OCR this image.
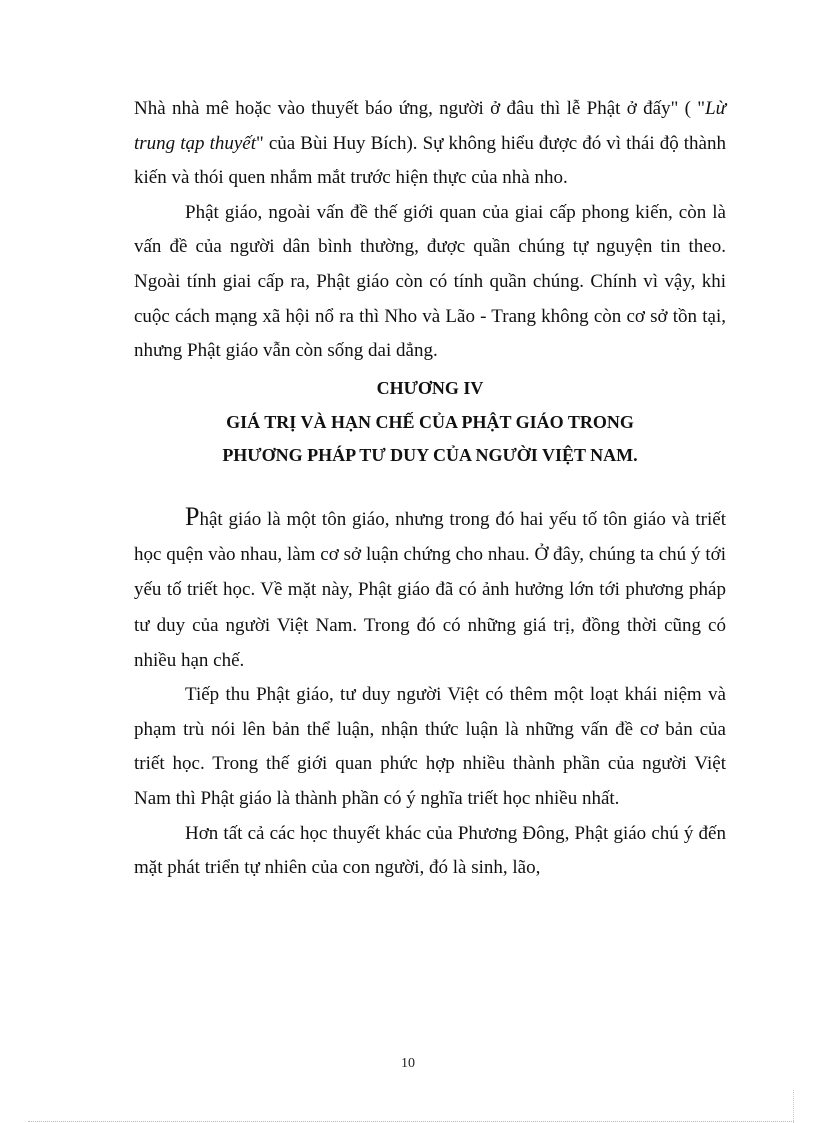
Nhà nhà mê hoặc vào thuyết báo ứng, người ở đâu thì lễ Phật ở đấy" ( "Lừ trung tạp thuyết" của Bùi Huy Bích). Sự không hiểu được đó vì thái độ thành kiến và thói quen nhắm mắt trước hiện thực của nhà nho.

Phật giáo, ngoài vấn đề thế giới quan của giai cấp phong kiến, còn là vấn đề của người dân bình thường, được quần chúng tự nguyện tin theo. Ngoài tính giai cấp ra, Phật giáo còn có tính quần chúng. Chính vì vậy, khi cuộc cách mạng xã hội nổ ra thì Nho và Lão - Trang không còn cơ sở tồn tại, nhưng Phật giáo vẫn còn sống dai dẳng.

CHƯƠNG IV
GIÁ TRỊ VÀ HẠN CHẾ CỦA PHẬT GIÁO TRONG
PHƯƠNG PHÁP TƯ DUY CỦA NGƯỜI VIỆT NAM.

Phật giáo là một tôn giáo, nhưng trong đó hai yếu tố tôn giáo và triết học quện vào nhau, làm cơ sở luận chứng cho nhau. Ở đây, chúng ta chú ý tới yếu tố triết học. Về mặt này, Phật giáo đã có ảnh hưởng lớn tới phương pháp tư duy của người Việt Nam. Trong đó có những giá trị, đồng thời cũng có nhiều hạn chế.

Tiếp thu Phật giáo, tư duy người Việt có thêm một loạt khái niệm và phạm trù nói lên bản thể luận, nhận thức luận là những vấn đề cơ bản của triết học. Trong thế giới quan phức hợp nhiều thành phần của người Việt Nam thì Phật giáo là thành phần có ý nghĩa triết học nhiều nhất.

Hơn tất cả các học thuyết khác của Phương Đông, Phật giáo chú ý đến mặt phát triển tự nhiên của con người, đó là sinh, lão,

10
